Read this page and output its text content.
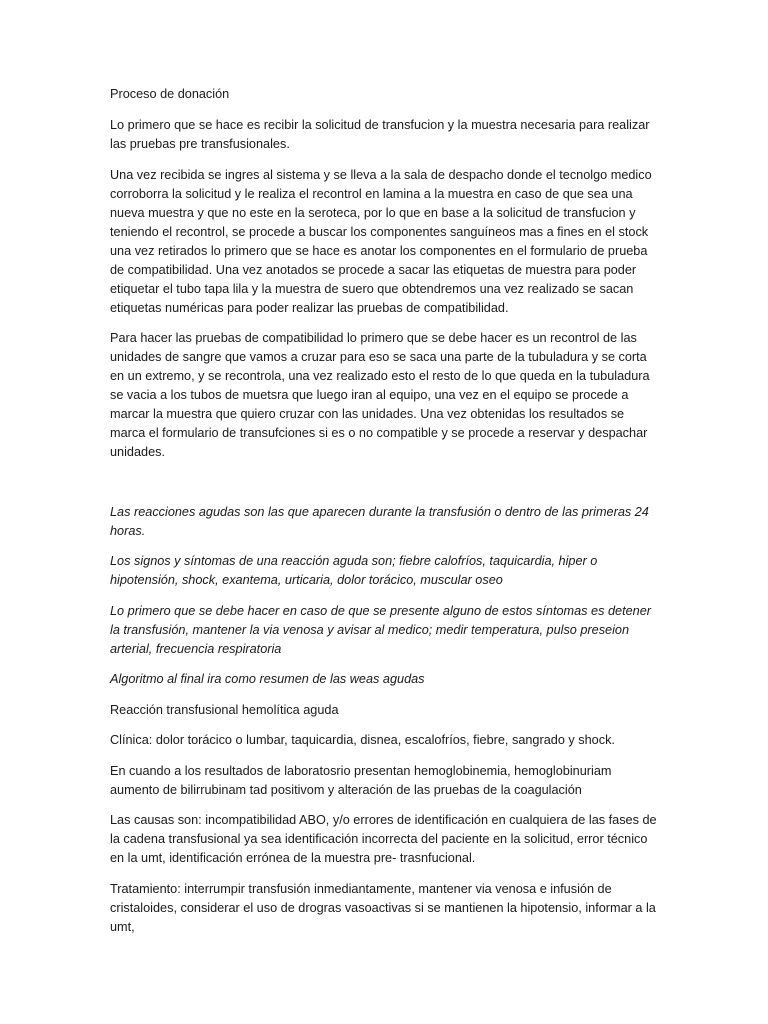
Proceso de donación

Lo primero que se hace es recibir la solicitud de transfucion y la muestra necesaria para realizar las pruebas pre transfusionales.

Una vez recibida se ingres al sistema y se lleva a la sala de despacho donde el tecnolgo medico corroborra la solicitud y le realiza el recontrol en lamina a la muestra en caso de que sea una nueva muestra y que no este en la seroteca, por lo que en base a la solicitud de transfucion y teniendo el recontrol, se procede a buscar los componentes sanguíneos mas a fines en el stock una vez retirados lo primero que se hace es anotar los componentes en el formulario de prueba de compatibilidad. Una vez anotados se procede a sacar las etiquetas de muestra para poder etiquetar el tubo tapa lila y la muestra de suero que obtendremos una vez realizado se sacan etiquetas numéricas para poder realizar las pruebas de compatibilidad.

Para hacer las pruebas de compatibilidad lo primero que se debe hacer es un recontrol de las unidades de sangre que vamos a cruzar para eso se saca una parte de la tubuladura y se corta en un extremo, y se recontrola, una vez realizado esto el resto de lo que queda en la tubuladura se vacia a los tubos de muetsra que luego iran al equipo, una vez en el equipo se procede a marcar la muestra que quiero cruzar con las unidades. Una vez obtenidas los resultados se marca el formulario de transufciones si es o no compatible y se procede a reservar y despachar unidades.

Las reacciones agudas son las que aparecen durante la transfusión o dentro de las primeras 24 horas.

Los signos y síntomas de una reacción aguda son; fiebre calofríos, taquicardia, hiper o hipotensión, shock, exantema, urticaria, dolor torácico, muscular oseo

Lo primero que se debe hacer en caso de que se presente alguno de estos síntomas es detener la transfusión, mantener la via venosa y avisar al medico; medir temperatura, pulso preseion arterial, frecuencia respiratoria

Algoritmo al final ira como resumen de las weas agudas

Reacción transfusional hemolítica aguda

Clínica: dolor torácico o lumbar, taquicardia, disnea, escalofríos, fiebre, sangrado y shock.

En cuando a los resultados de laboratosrio presentan hemoglobinemia, hemoglobinuriam aumento de bilirrubinam tad positivom y alteración de las pruebas de la coagulación

Las causas son: incompatibilidad ABO, y/o errores de identificación en cualquiera de las fases de la cadena transfusional ya sea identificación incorrecta del paciente en la solicitud, error técnico en la umt, identificación errónea de la muestra pre- trasnfucional.

Tratamiento: interrumpir transfusión inmediantamente, mantener via venosa e infusión de cristaloides, considerar el uso de drogras vasoactivas si se mantienen la hipotensio, informar a la umt,
